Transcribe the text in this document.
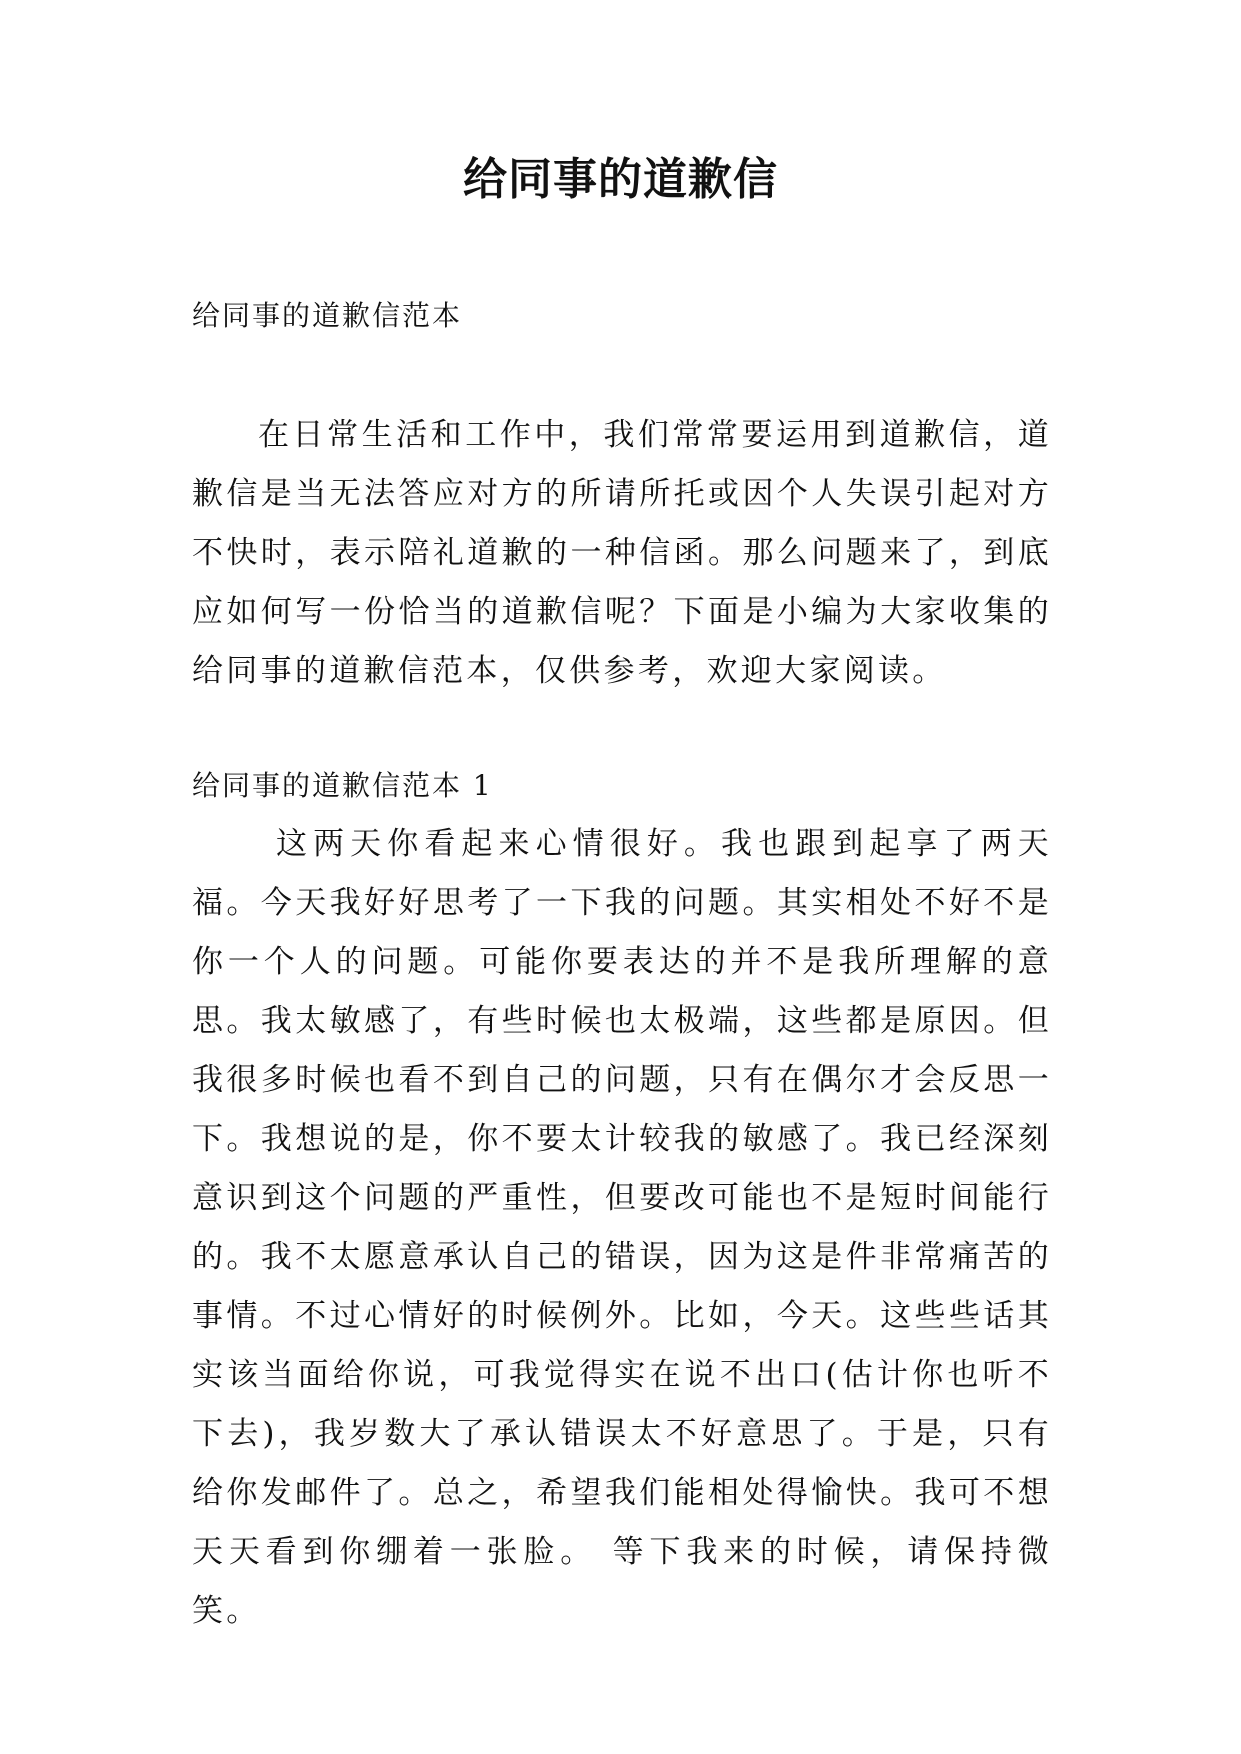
给同事的道歉信

给同事的道歉信范本

在日常生活和工作中，我们常常要运用到道歉信，道歉信是当无法答应对方的所请所托或因个人失误引起对方不快时，表示陪礼道歉的一种信函。那么问题来了，到底应如何写一份恰当的道歉信呢？下面是小编为大家收集的给同事的道歉信范本，仅供参考，欢迎大家阅读。

给同事的道歉信范本 1

这两天你看起来心情很好。我也跟到起享了两天福。今天我好好思考了一下我的问题。其实相处不好不是你一个人的问题。可能你要表达的并不是我所理解的意思。我太敏感了，有些时候也太极端，这些都是原因。但我很多时候也看不到自己的问题，只有在偶尔才会反思一下。我想说的是，你不要太计较我的敏感了。我已经深刻意识到这个问题的严重性，但要改可能也不是短时间能行的。我不太愿意承认自己的错误，因为这是件非常痛苦的事情。不过心情好的时候例外。比如，今天。这些些话其实该当面给你说，可我觉得实在说不出口(估计你也听不下去)，我岁数大了承认错误太不好意思了。于是，只有给你发邮件了。总之，希望我们能相处得愉快。我可不想天天看到你绷着一张脸。 等下我来的时候，请保持微笑。
